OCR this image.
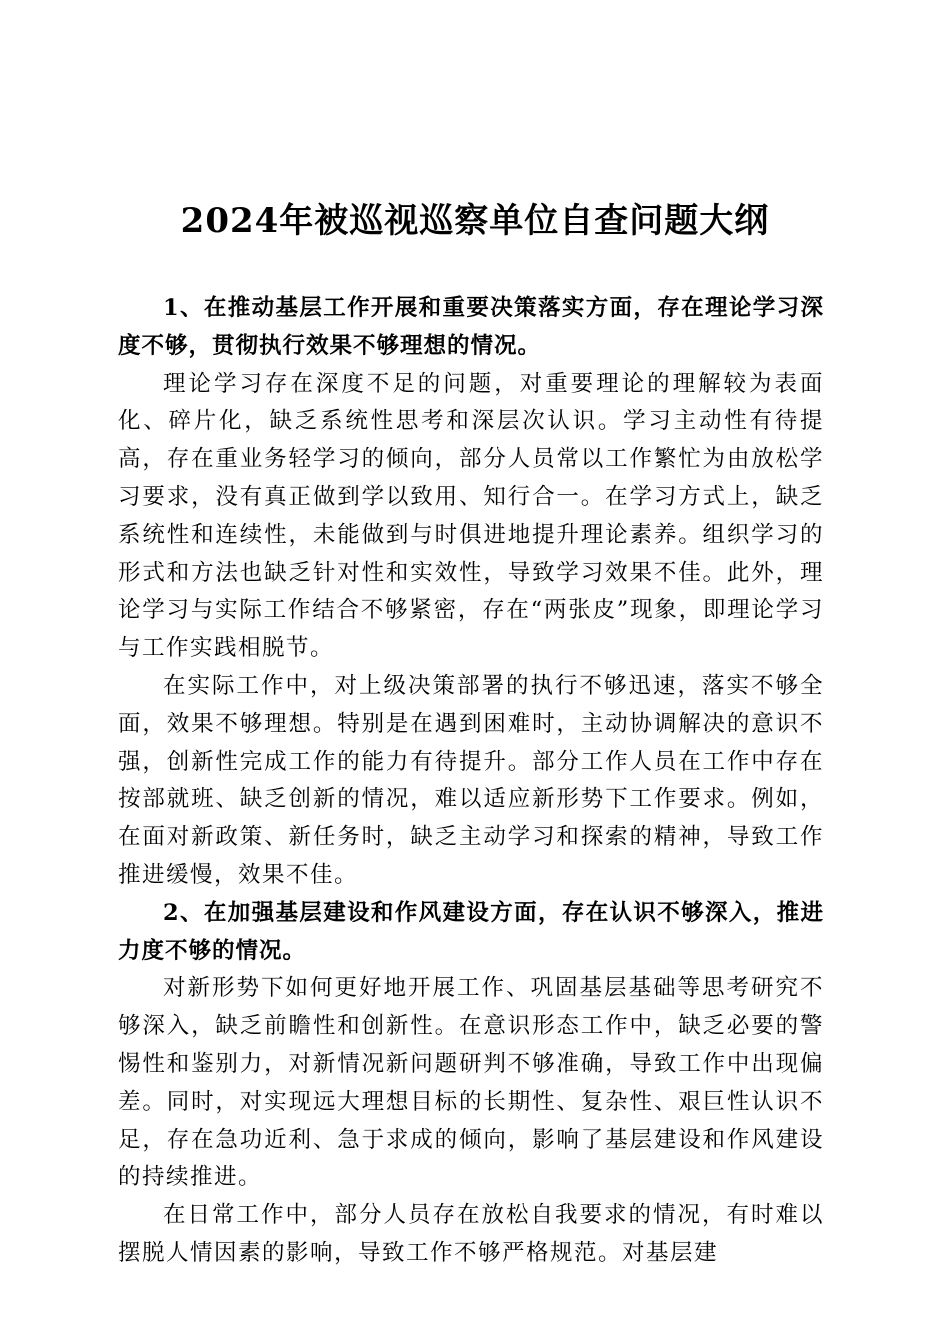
2024年被巡视巡察单位自查问题大纲

1、在推动基层工作开展和重要决策落实方面，存在理论学习深度不够，贯彻执行效果不够理想的情况。

理论学习存在深度不足的问题，对重要理论的理解较为表面化、碎片化，缺乏系统性思考和深层次认识。学习主动性有待提高，存在重业务轻学习的倾向，部分人员常以工作繁忙为由放松学习要求，没有真正做到学以致用、知行合一。在学习方式上，缺乏系统性和连续性，未能做到与时俱进地提升理论素养。组织学习的形式和方法也缺乏针对性和实效性，导致学习效果不佳。此外，理论学习与实际工作结合不够紧密，存在“两张皮”现象，即理论学习与工作实践相脱节。

在实际工作中，对上级决策部署的执行不够迅速，落实不够全面，效果不够理想。特别是在遇到困难时，主动协调解决的意识不强，创新性完成工作的能力有待提升。部分工作人员在工作中存在按部就班、缺乏创新的情况，难以适应新形势下工作要求。例如，在面对新政策、新任务时，缺乏主动学习和探索的精神，导致工作推进缓慢，效果不佳。

2、在加强基层建设和作风建设方面，存在认识不够深入，推进力度不够的情况。

对新形势下如何更好地开展工作、巩固基层基础等思考研究不够深入，缺乏前瞻性和创新性。在意识形态工作中，缺乏必要的警惕性和鉴别力，对新情况新问题研判不够准确，导致工作中出现偏差。同时，对实现远大理想目标的长期性、复杂性、艰巨性认识不足，存在急功近利、急于求成的倾向，影响了基层建设和作风建设的持续推进。

在日常工作中，部分人员存在放松自我要求的情况，有时难以摆脱人情因素的影响，导致工作不够严格规范。对基层建
